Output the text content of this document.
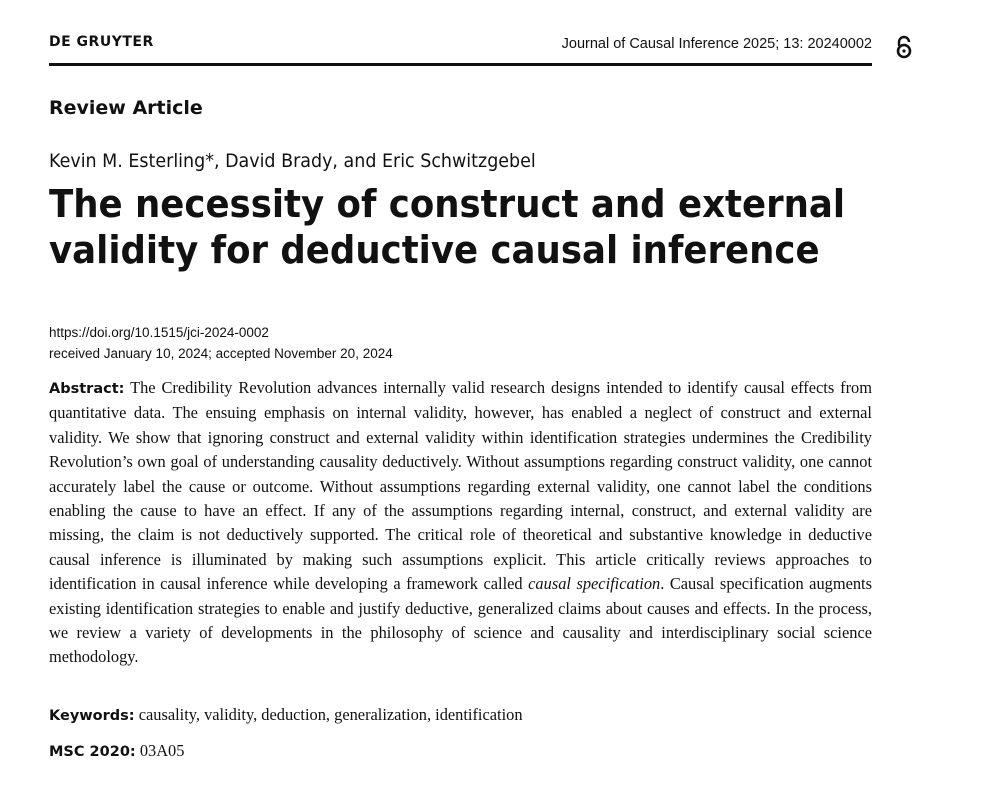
DE GRUYTER	Journal of Causal Inference 2025; 13: 20240002
Review Article
Kevin M. Esterling*, David Brady, and Eric Schwitzgebel
The necessity of construct and external
validity for deductive causal inference
https://doi.org/10.1515/jci-2024-0002
received January 10, 2024; accepted November 20, 2024

Abstract: The Credibility Revolution advances internally valid research designs intended to identify causal effects from quantitative data. The ensuing emphasis on internal validity, however, has enabled a neglect of construct and external validity. We show that ignoring construct and external validity within identification strategies undermines the Credibility Revolution’s own goal of understanding causality deductively. Without assumptions regarding construct validity, one cannot accurately label the cause or outcome. Without assumptions regarding external validity, one cannot label the conditions enabling the cause to have an effect. If any of the assumptions regarding internal, construct, and external validity are missing, the claim is not deductively supported. The critical role of theoretical and substantive knowledge in deductive causal inference is illuminated by making such assumptions explicit. This article critically reviews approaches to identification in causal inference while developing a framework called causal specification. Causal specification augments existing identification strategies to enable and justify deductive, generalized claims about causes and effects. In the process, we review a variety of developments in the philosophy of science and causality and interdisciplinary social science methodology.

Keywords: causality, validity, deduction, generalization, identification
MSC 2020: 03A05
